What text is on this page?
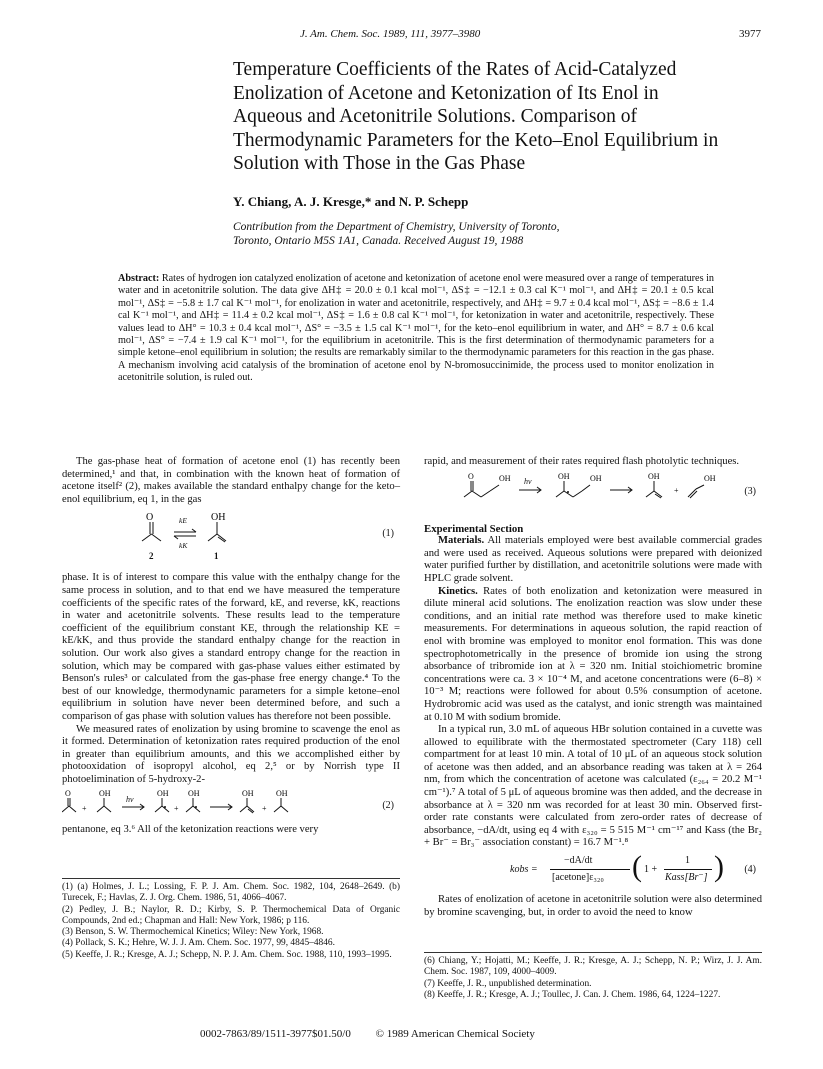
J. Am. Chem. Soc. 1989, 111, 3977–3980	3977
Temperature Coefficients of the Rates of Acid-Catalyzed
Enolization of Acetone and Ketonization of Its Enol in
Aqueous and Acetonitrile Solutions. Comparison of
Thermodynamic Parameters for the Keto–Enol Equilibrium in
Solution with Those in the Gas Phase
Y. Chiang, A. J. Kresge,* and N. P. Schepp
Contribution from the Department of Chemistry, University of Toronto,
Toronto, Ontario M5S 1A1, Canada. Received August 19, 1988
Abstract: Rates of hydrogen ion catalyzed enolization of acetone and ketonization of acetone enol were measured over a range of temperatures in water and in acetonitrile solution. The data give ΔH‡ = 20.0 ± 0.1 kcal mol⁻¹, ΔS‡ = −12.1 ± 0.3 cal K⁻¹ mol⁻¹, and ΔH‡ = 20.1 ± 0.5 kcal mol⁻¹, ΔS‡ = −5.8 ± 1.7 cal K⁻¹ mol⁻¹, for enolization in water and acetonitrile, respectively, and ΔH‡ = 9.7 ± 0.4 kcal mol⁻¹, ΔS‡ = −8.6 ± 1.4 cal K⁻¹ mol⁻¹, and ΔH‡ = 11.4 ± 0.2 kcal mol⁻¹, ΔS‡ = 1.6 ± 0.8 cal K⁻¹ mol⁻¹, for ketonization in water and acetonitrile, respectively. These values lead to ΔH° = 10.3 ± 0.4 kcal mol⁻¹, ΔS° = −3.5 ± 1.5 cal K⁻¹ mol⁻¹, for the keto–enol equilibrium in water, and ΔH° = 8.7 ± 0.6 kcal mol⁻¹, ΔS° = −7.4 ± 1.9 cal K⁻¹ mol⁻¹, for the equilibrium in acetonitrile. This is the first determination of thermodynamic parameters for a simple ketone–enol equilibrium in solution; the results are remarkably similar to the thermodynamic parameters for this reaction in the gas phase. A mechanism involving acid catalysis of the bromination of acetone enol by N-bromosuccinimide, the process used to monitor enolization in acetonitrile solution, is ruled out.

The gas-phase heat of formation of acetone enol (1) has recently been determined,¹ and that, in combination with the known heat of formation of acetone itself² (2), makes available the standard enthalpy change for the keto–enol equilibrium, eq 1, in the gas

O	OH
kE
kK
2	1
(1)

phase. It is of interest to compare this value with the enthalpy change for the same process in solution, and to that end we have measured the temperature coefficients of the specific rates of the forward, kE, and reverse, kK, reactions in water and acetonitrile solvents. These results lead to the temperature coefficient of the equilibrium constant KE, through the relationship KE = kE/kK, and thus provide the standard enthalpy change for the reaction in solution. Our work also gives a standard entropy change for the reaction in solution, which may be compared with gas-phase values either estimated by Benson's rules³ or calculated from the gas-phase free energy change.⁴ To the best of our knowledge, thermodynamic parameters for a simple ketone–enol equilibrium in solution have never been determined before, and such a comparison of gas phase with solution values has therefore not been possible.

We measured rates of enolization by using bromine to scavenge the enol as it formed. Determination of ketonization rates required production of the enol in greater than equilibrium amounts, and this we accomplished either by photooxidation of isopropyl alcohol, eq 2,⁵ or by Norrish type II photoelimination of 5-hydroxy-2-

O
+
OH	OH
+
OH	OH
+
OH
hν
(2)

pentanone, eq 3.⁶ All of the ketonization reactions were very

rapid, and measurement of their rates required flash photolytic techniques.

O	OH	OH	OH	OH
+
OH
hν
(3)

Experimental Section

Materials. All materials employed were best available commercial grades and were used as received. Aqueous solutions were prepared with deionized water purified further by distillation, and acetonitrile solutions were made with HPLC grade solvent.

Kinetics. Rates of both enolization and ketonization were measured in dilute mineral acid solutions. The enolization reaction was slow under these conditions, and an initial rate method was therefore used to make kinetic measurements. For determinations in aqueous solution, the rapid reaction of enol with bromine was employed to monitor enol formation. This was done spectrophotometrically in the presence of bromide ion using the strong absorbance of tribromide ion at λ = 320 nm. Initial stoichiometric bromine concentrations were ca. 3 × 10⁻⁴ M, and acetone concentrations were (6–8) × 10⁻³ M; reactions were followed for about 0.5% consumption of acetone. Hydrobromic acid was used as the catalyst, and ionic strength was maintained at 0.10 M with sodium bromide.

In a typical run, 3.0 mL of aqueous HBr solution contained in a cuvette was allowed to equilibrate with the thermostated spectrometer (Cary 118) cell compartment for at least 10 min. A total of 10 μL of an aqueous stock solution of acetone was then added, and an absorbance reading was taken at λ = 264 nm, from which the concentration of acetone was calculated (ε₂₆₄ = 20.2 M⁻¹ cm⁻¹).⁷ A total of 5 μL of aqueous bromine was then added, and the decrease in absorbance at λ = 320 nm was recorded for at least 30 min. Observed first-order rate constants were calculated from zero-order rates of decrease of absorbance, −dA/dt, using eq 4 with ε₃₂₀ = 5 515 M⁻¹ cm⁻¹⁷ and Kass (the Br₂ + Br⁻ = Br₃⁻ association constant) = 16.7 M⁻¹.⁸

kobs =
−dA/dt
[acetone]ε₃₂₀ ( 1 +
1
Kass[Br⁻] ) (4)

Rates of enolization of acetone in acetonitrile solution were also determined by bromine scavenging, but, in order to avoid the need to know

(1) (a) Holmes, J. L.; Lossing, F. P. J. Am. Chem. Soc. 1982, 104, 2648–2649. (b) Turecek, F.; Havlas, Z. J. Org. Chem. 1986, 51, 4066–4067.
(2) Pedley, J. B.; Naylor, R. D.; Kirby, S. P. Thermochemical Data of Organic Compounds, 2nd ed.; Chapman and Hall: New York, 1986; p 116.
(3) Benson, S. W. Thermochemical Kinetics; Wiley: New York, 1968.
(4) Pollack, S. K.; Hehre, W. J. J. Am. Chem. Soc. 1977, 99, 4845–4846.
(5) Keeffe, J. R.; Kresge, A. J.; Schepp, N. P. J. Am. Chem. Soc. 1988, 110, 1993–1995.
(6) Chiang, Y.; Hojatti, M.; Keeffe, J. R.; Kresge, A. J.; Schepp, N. P.; Wirz, J. J. Am. Chem. Soc. 1987, 109, 4000–4009.
(7) Keeffe, J. R., unpublished determination.
(8) Keeffe, J. R.; Kresge, A. J.; Toullec, J. Can. J. Chem. 1986, 64, 1224–1227.
0002-7863/89/1511-3977$01.50/0 © 1989 American Chemical Society
